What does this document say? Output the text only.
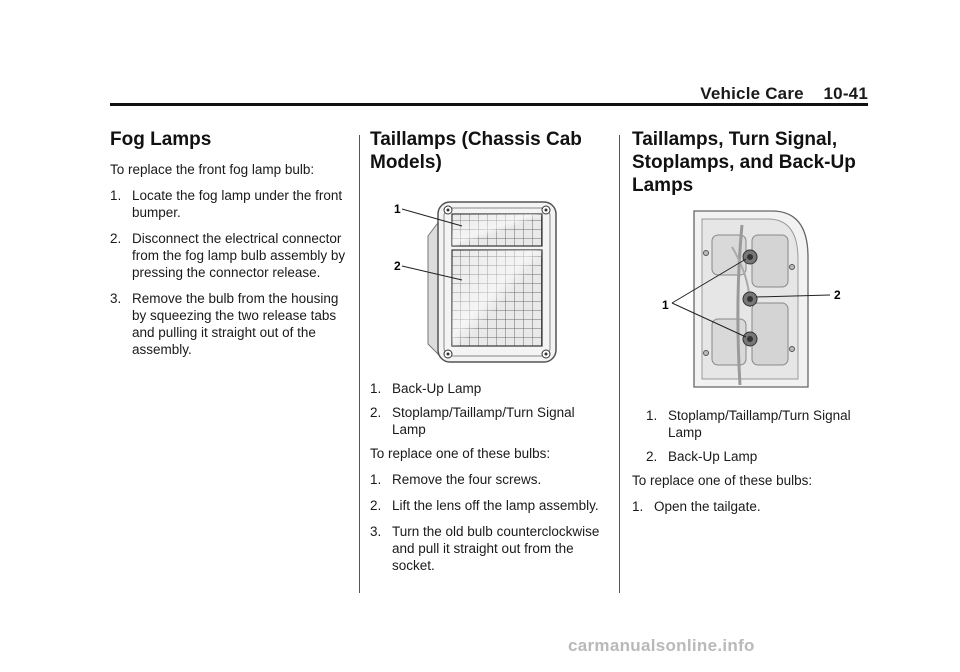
Vehicle Care 10-41
Fog Lamps

To replace the front fog lamp bulb:

1. Locate the fog lamp under the front bumper.
2. Disconnect the electrical connector from the fog lamp bulb assembly by pressing the connector release.
3. Remove the bulb from the housing by squeezing the two release tabs and pulling it straight out of the assembly.
Taillamps (Chassis Cab Models)
1
2
1. Back-Up Lamp
2. Stoplamp/Taillamp/Turn Signal Lamp

To replace one of these bulbs:

1. Remove the four screws.
2. Lift the lens off the lamp assembly.
3. Turn the old bulb counterclockwise and pull it straight out from the socket.
Taillamps, Turn Signal, Stoplamps, and Back-Up Lamps
1
2
1. Stoplamp/Taillamp/Turn Signal Lamp
2. Back-Up Lamp

To replace one of these bulbs:

1. Open the tailgate.
carmanualsonline.info
